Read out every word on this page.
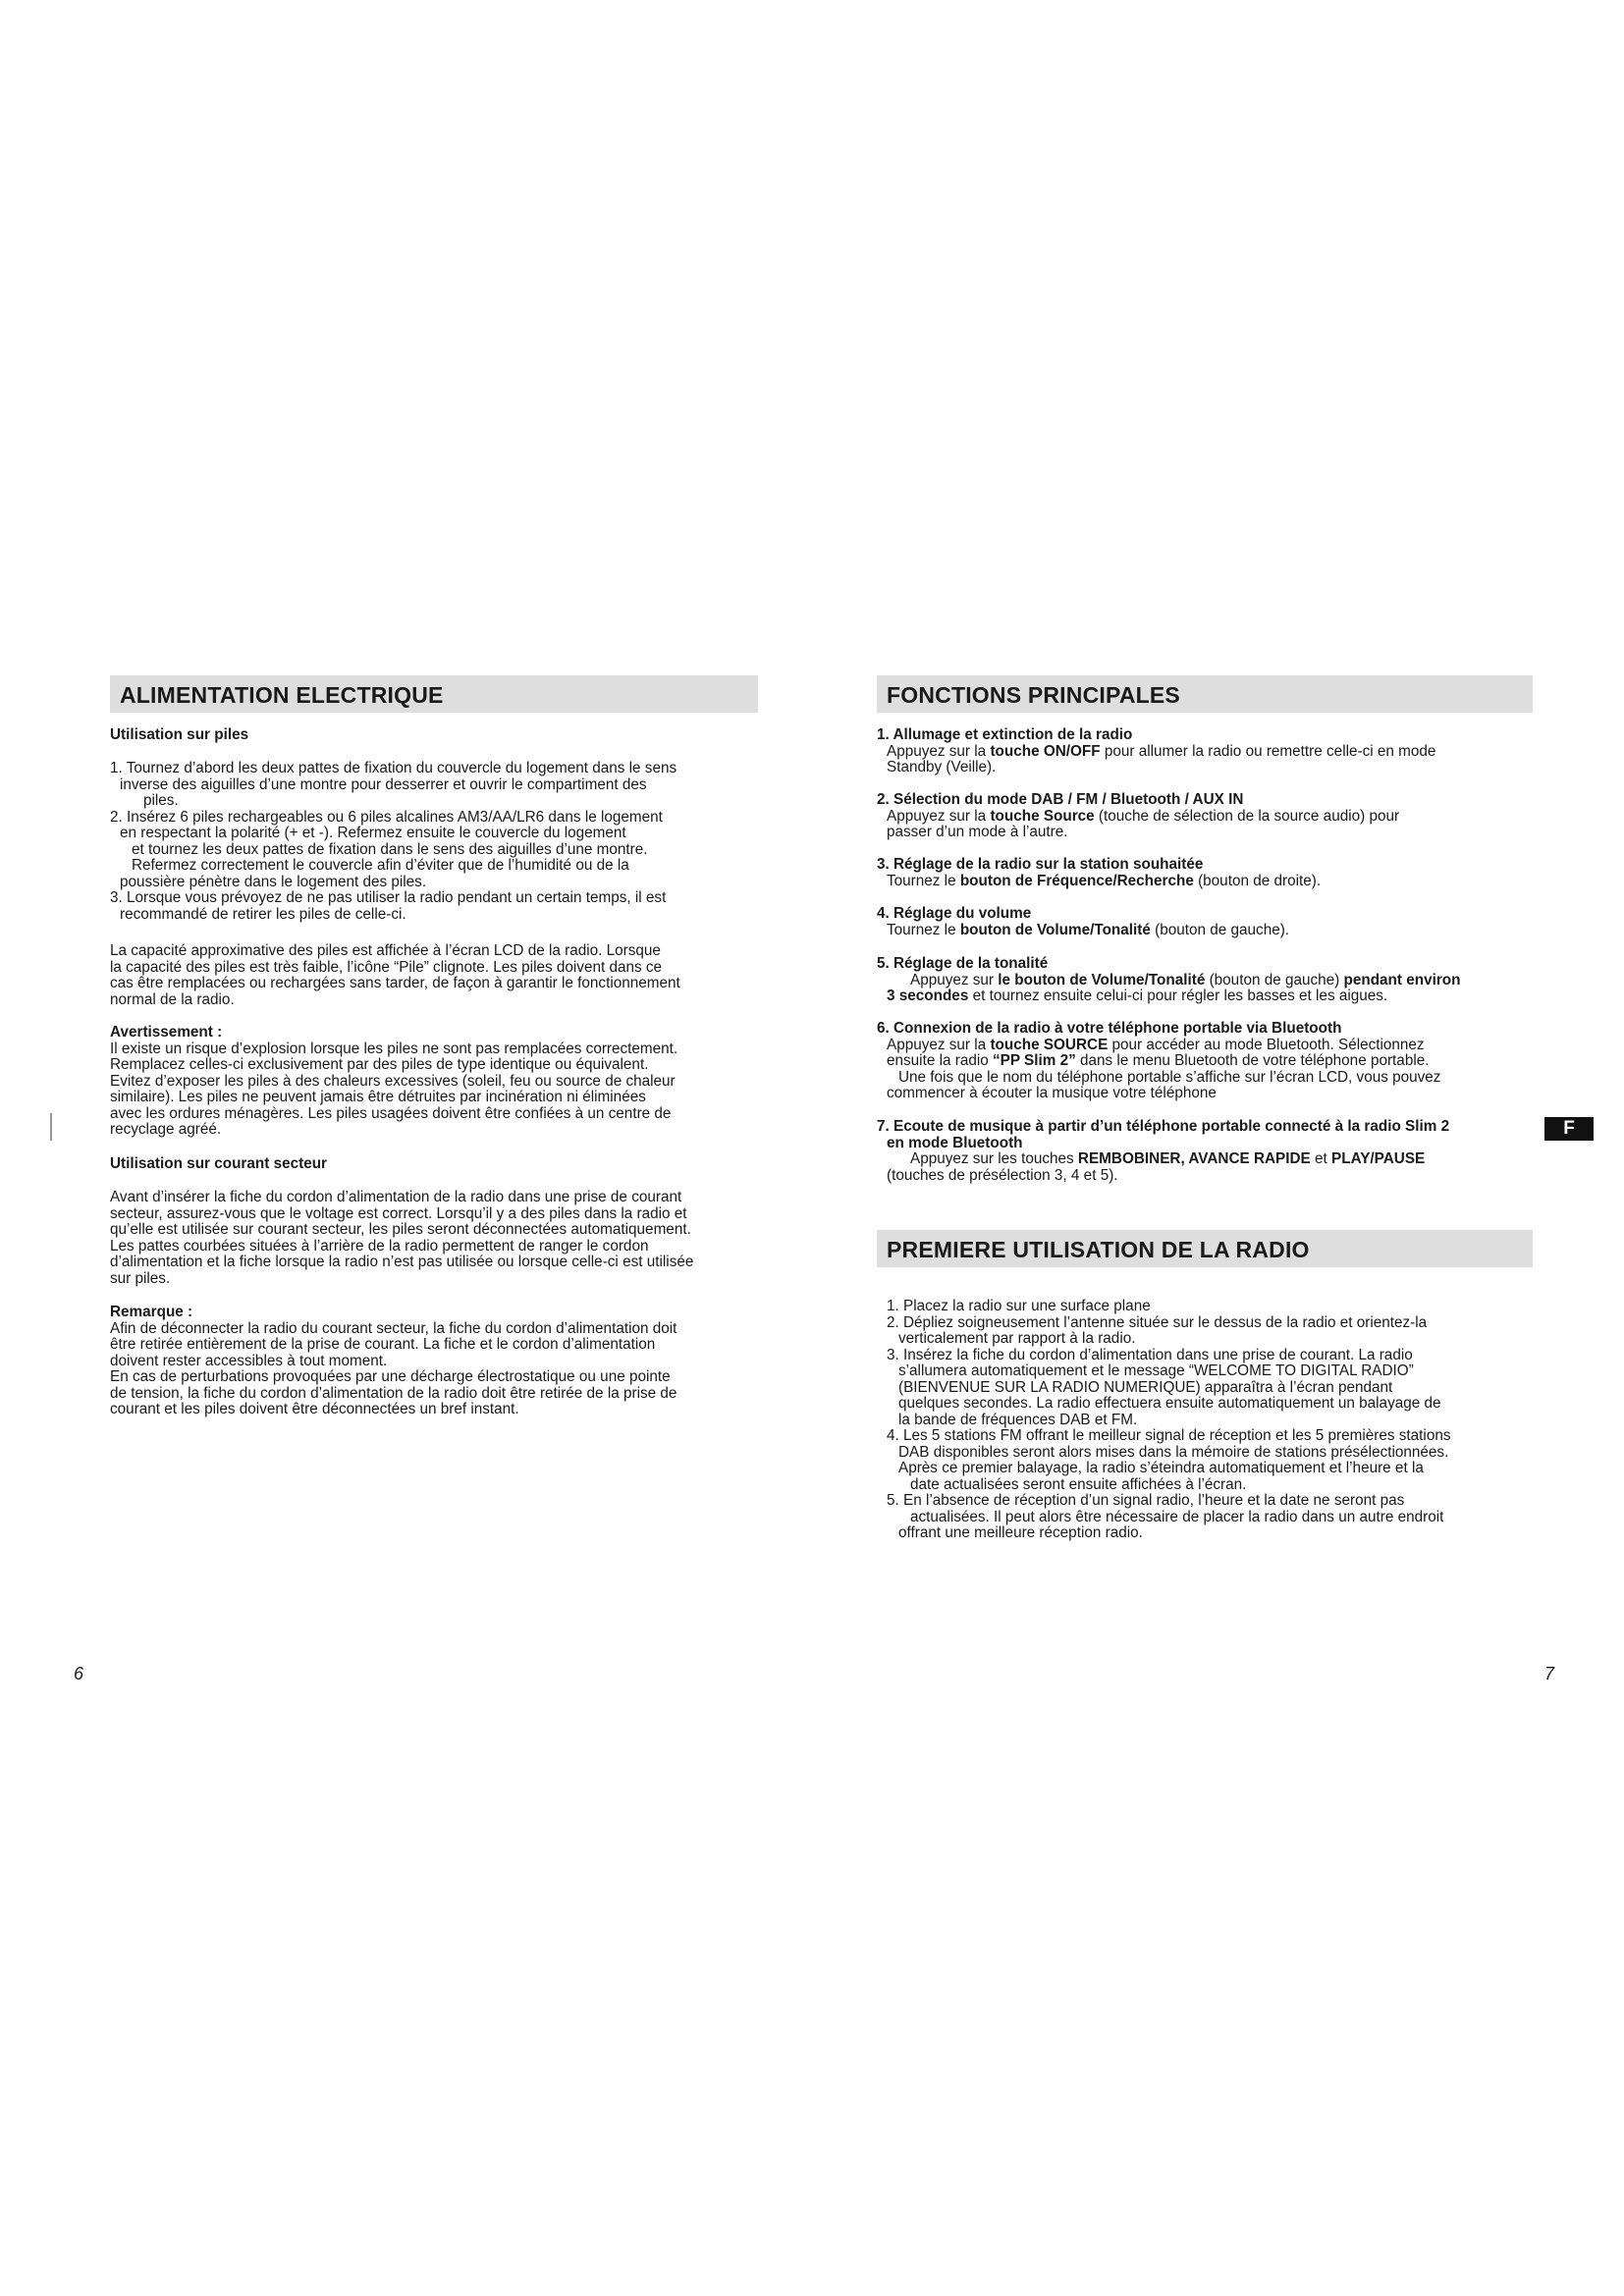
ALIMENTATION ELECTRIQUE
Utilisation sur piles

1. Tournez d’abord les deux pattes de fixation du couvercle du logement dans le sens

inverse des aiguilles d’une montre pour desserrer et ouvrir le compartiment des

piles.

2. Insérez 6 piles rechargeables ou 6 piles alcalines AM3/AA/LR6 dans le logement

en respectant la polarité (+ et -). Refermez ensuite le couvercle du logement

et tournez les deux pattes de fixation dans le sens des aiguilles d’une montre.

Refermez correctement le couvercle afin d’éviter que de l’humidité ou de la

poussière pénètre dans le logement des piles.

3. Lorsque vous prévoyez de ne pas utiliser la radio pendant un certain temps, il est

recommandé de retirer les piles de celle-ci.

La capacité approximative des piles est affichée à l’écran LCD de la radio. Lorsque

la capacité des piles est très faible, l’icône “Pile” clignote. Les piles doivent dans ce

cas être remplacées ou rechargées sans tarder, de façon à garantir le fonctionnement

normal de la radio.

Avertissement :

Il existe un risque d’explosion lorsque les piles ne sont pas remplacées correctement.

Remplacez celles-ci exclusivement par des piles de type identique ou équivalent.

Evitez d’exposer les piles à des chaleurs excessives (soleil, feu ou source de chaleur

similaire). Les piles ne peuvent jamais être détruites par incinération ni éliminées

avec les ordures ménagères. Les piles usagées doivent être confiées à un centre de

recyclage agréé.

Utilisation sur courant secteur

Avant d’insérer la fiche du cordon d’alimentation de la radio dans une prise de courant

secteur, assurez-vous que le voltage est correct. Lorsqu’il y a des piles dans la radio et

qu’elle est utilisée sur courant secteur, les piles seront déconnectées automatiquement.

Les pattes courbées situées à l’arrière de la radio permettent de ranger le cordon

d’alimentation et la fiche lorsque la radio n’est pas utilisée ou lorsque celle-ci est utilisée

sur piles.

Remarque :

Afin de déconnecter la radio du courant secteur, la fiche du cordon d’alimentation doit

être retirée entièrement de la prise de courant. La fiche et le cordon d’alimentation

doivent rester accessibles à tout moment.

En cas de perturbations provoquées par une décharge électrostatique ou une pointe

de tension, la fiche du cordon d’alimentation de la radio doit être retirée de la prise de

courant et les piles doivent être déconnectées un bref instant.

6
FONCTIONS PRINCIPALES

1. Allumage et extinction de la radio

Appuyez sur la touche ON/OFF pour allumer la radio ou remettre celle-ci en mode

Standby (Veille).

2. Sélection du mode DAB / FM / Bluetooth / AUX IN

Appuyez sur la touche Source (touche de sélection de la source audio) pour

passer d’un mode à l’autre.

3. Réglage de la radio sur la station souhaitée

Tournez le bouton de Fréquence/Recherche (bouton de droite).

4. Réglage du volume

Tournez le bouton de Volume/Tonalité (bouton de gauche).

5. Réglage de la tonalité

Appuyez sur le bouton de Volume/Tonalité (bouton de gauche) pendant environ

3 secondes et tournez ensuite celui-ci pour régler les basses et les aigues.

6. Connexion de la radio à votre téléphone portable via Bluetooth

Appuyez sur la touche SOURCE pour accéder au mode Bluetooth. Sélectionnez

ensuite la radio “PP Slim 2” dans le menu Bluetooth de votre téléphone portable.

Une fois que le nom du téléphone portable s’affiche sur l’écran LCD, vous pouvez

commencer à écouter la musique votre téléphone

7. Ecoute de musique à partir d’un téléphone portable connecté à la radio Slim 2

en mode Bluetooth

Appuyez sur les touches REMBOBINER, AVANCE RAPIDE et PLAY/PAUSE

(touches de présélection 3, 4 et 5).

PREMIERE UTILISATION DE LA RADIO

1. Placez la radio sur une surface plane

2. Dépliez soigneusement l’antenne située sur le dessus de la radio et orientez-la

verticalement par rapport à la radio.

3. Insérez la fiche du cordon d’alimentation dans une prise de courant. La radio

s’allumera automatiquement et le message “WELCOME TO DIGITAL RADIO”

(BIENVENUE SUR LA RADIO NUMERIQUE) apparaîtra à l’écran pendant

quelques secondes. La radio effectuera ensuite automatiquement un balayage de

la bande de fréquences DAB et FM.

4. Les 5 stations FM offrant le meilleur signal de réception et les 5 premières stations

DAB disponibles seront alors mises dans la mémoire de stations présélectionnées.

Après ce premier balayage, la radio s’éteindra automatiquement et l’heure et la

date actualisées seront ensuite affichées à l’écran.

5. En l’absence de réception d’un signal radio, l’heure et la date ne seront pas

actualisées. Il peut alors être nécessaire de placer la radio dans un autre endroit

offrant une meilleure réception radio.

F
7
